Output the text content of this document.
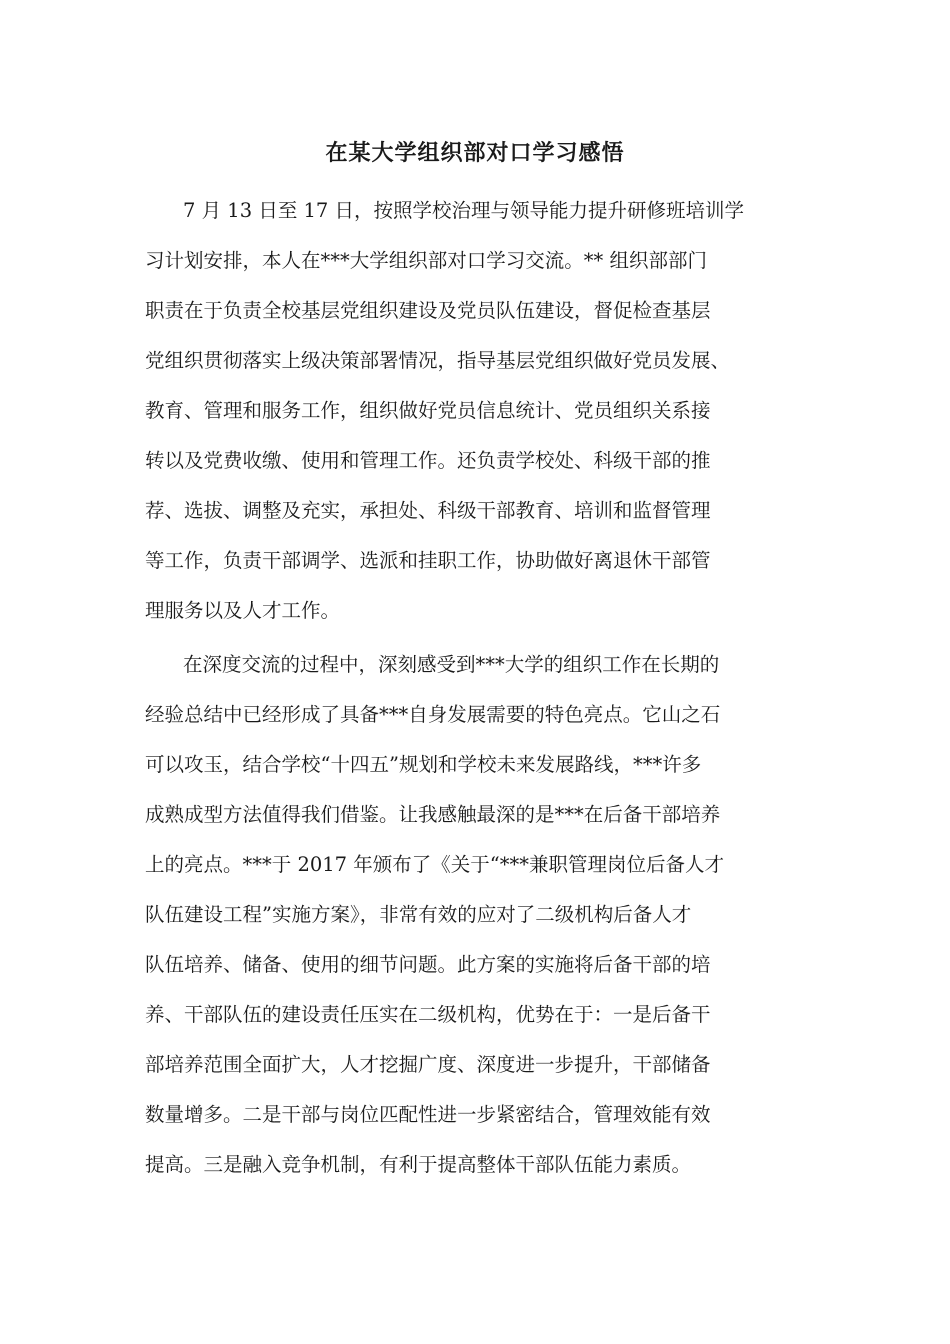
在某大学组织部对口学习感悟

7 月 13 日至 17 日，按照学校治理与领导能力提升研修班培训学

习计划安排，本人在***大学组织部对口学习交流。** 组织部部门

职责在于负责全校基层党组织建设及党员队伍建设，督促检查基层

党组织贯彻落实上级决策部署情况，指导基层党组织做好党员发展、

教育、管理和服务工作，组织做好党员信息统计、党员组织关系接

转以及党费收缴、使用和管理工作。还负责学校处、科级干部的推

荐、选拔、调整及充实，承担处、科级干部教育、培训和监督管理

等工作，负责干部调学、选派和挂职工作，协助做好离退休干部管

理服务以及人才工作。

在深度交流的过程中，深刻感受到***大学的组织工作在长期的

经验总结中已经形成了具备***自身发展需要的特色亮点。它山之石

可以攻玉，结合学校“十四五”规划和学校未来发展路线，***许多

成熟成型方法值得我们借鉴。让我感触最深的是***在后备干部培养

上的亮点。***于 2017 年颁布了《关于“***兼职管理岗位后备人才

队伍建设工程”实施方案》，非常有效的应对了二级机构后备人才

队伍培养、储备、使用的细节问题。此方案的实施将后备干部的培

养、干部队伍的建设责任压实在二级机构，优势在于：一是后备干

部培养范围全面扩大，人才挖掘广度、深度进一步提升，干部储备

数量增多。二是干部与岗位匹配性进一步紧密结合，管理效能有效

提高。三是融入竞争机制，有利于提高整体干部队伍能力素质。
